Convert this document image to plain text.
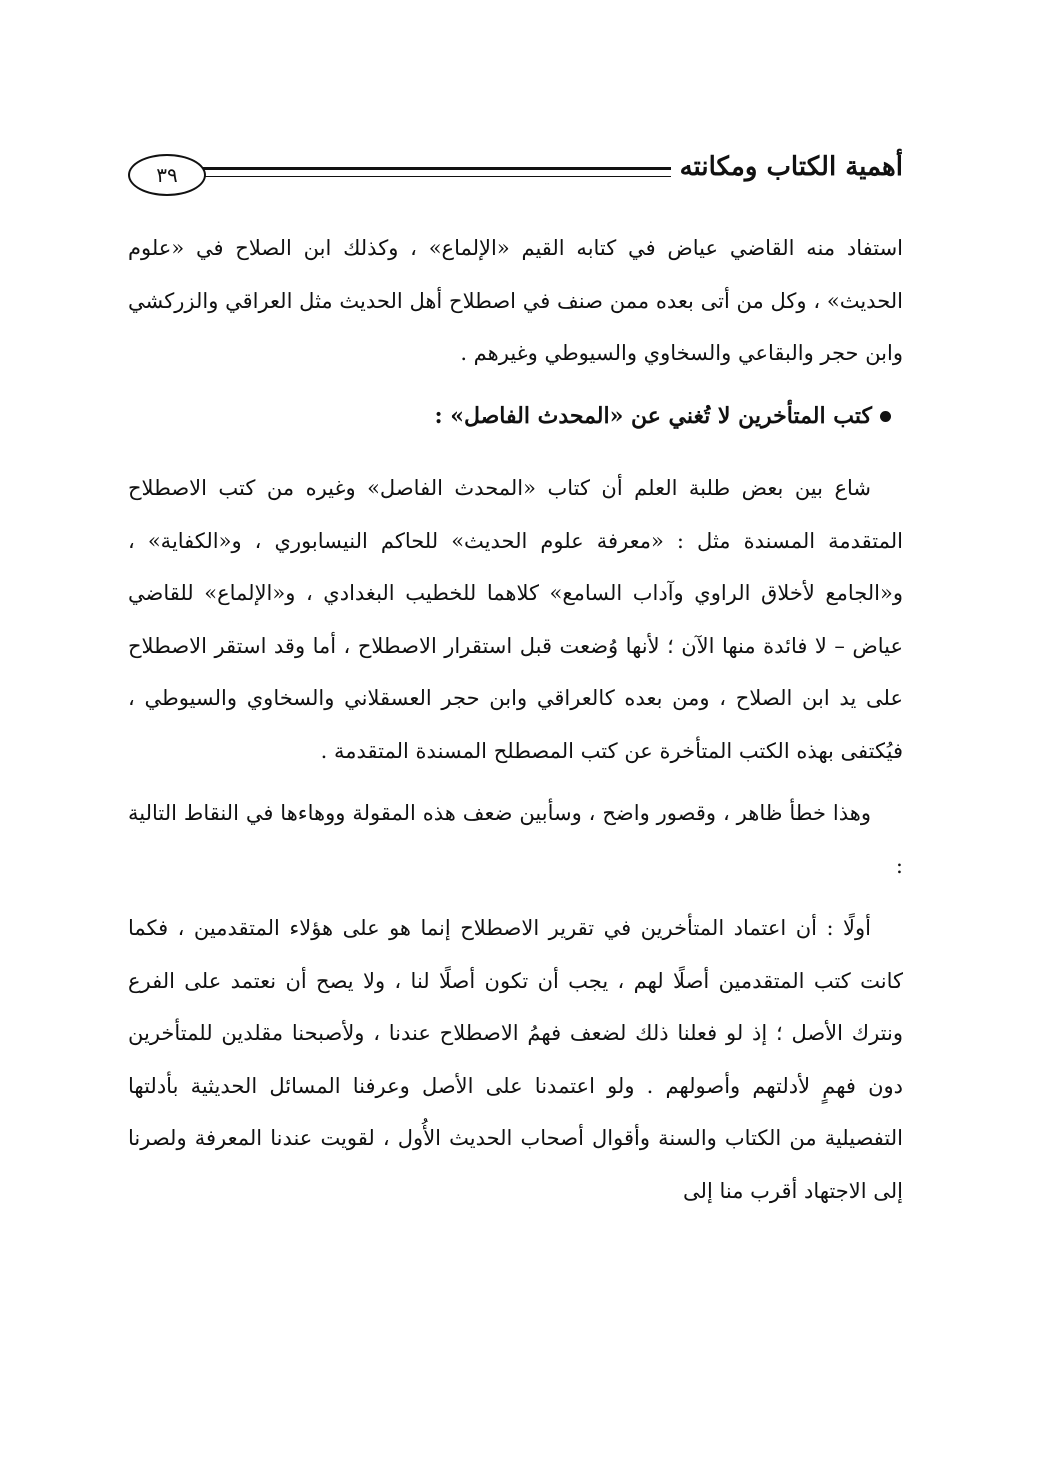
٣٩	أهمية الكتاب ومكانته

استفاد منه القاضي عياض في كتابه القيم «الإلماع» ، وكذلك ابن الصلاح في «علوم الحديث» ، وكل من أتى بعده ممن صنف في اصطلاح أهل الحديث مثل العراقي والزركشي وابن حجر والبقاعي والسخاوي والسيوطي وغيرهم .

كتب المتأخرين لا تُغني عن «المحدث الفاصل» :

شاع بين بعض طلبة العلم أن كتاب «المحدث الفاصل» وغيره من كتب الاصطلاح المتقدمة المسندة مثل : «معرفة علوم الحديث» للحاكم النيسابوري ، و«الكفاية» ، و«الجامع لأخلاق الراوي وآداب السامع» كلاهما للخطيب البغدادي ، و«الإلماع» للقاضي عياض – لا فائدة منها الآن ؛ لأنها وُضعت قبل استقرار الاصطلاح ، أما وقد استقر الاصطلاح على يد ابن الصلاح ، ومن بعده كالعراقي وابن حجر العسقلاني والسخاوي والسيوطي ، فيُكتفى بهذه الكتب المتأخرة عن كتب المصطلح المسندة المتقدمة .

وهذا خطأ ظاهر ، وقصور واضح ، وسأبين ضعف هذه المقولة ووهاءها في النقاط التالية :

أولًا : أن اعتماد المتأخرين في تقرير الاصطلاح إنما هو على هؤلاء المتقدمين ، فكما كانت كتب المتقدمين أصلًا لهم ، يجب أن تكون أصلًا لنا ، ولا يصح أن نعتمد على الفرع ونترك الأصل ؛ إذ لو فعلنا ذلك لضعف فهمُ الاصطلاح عندنا ، ولأصبحنا مقلدين للمتأخرين دون فهمٍ لأدلتهم وأصولهم . ولو اعتمدنا على الأصل وعرفنا المسائل الحديثية بأدلتها التفصيلية من الكتاب والسنة وأقوال أصحاب الحديث الأُول ، لقويت عندنا المعرفة ولصرنا إلى الاجتهاد أقرب منا إلى
